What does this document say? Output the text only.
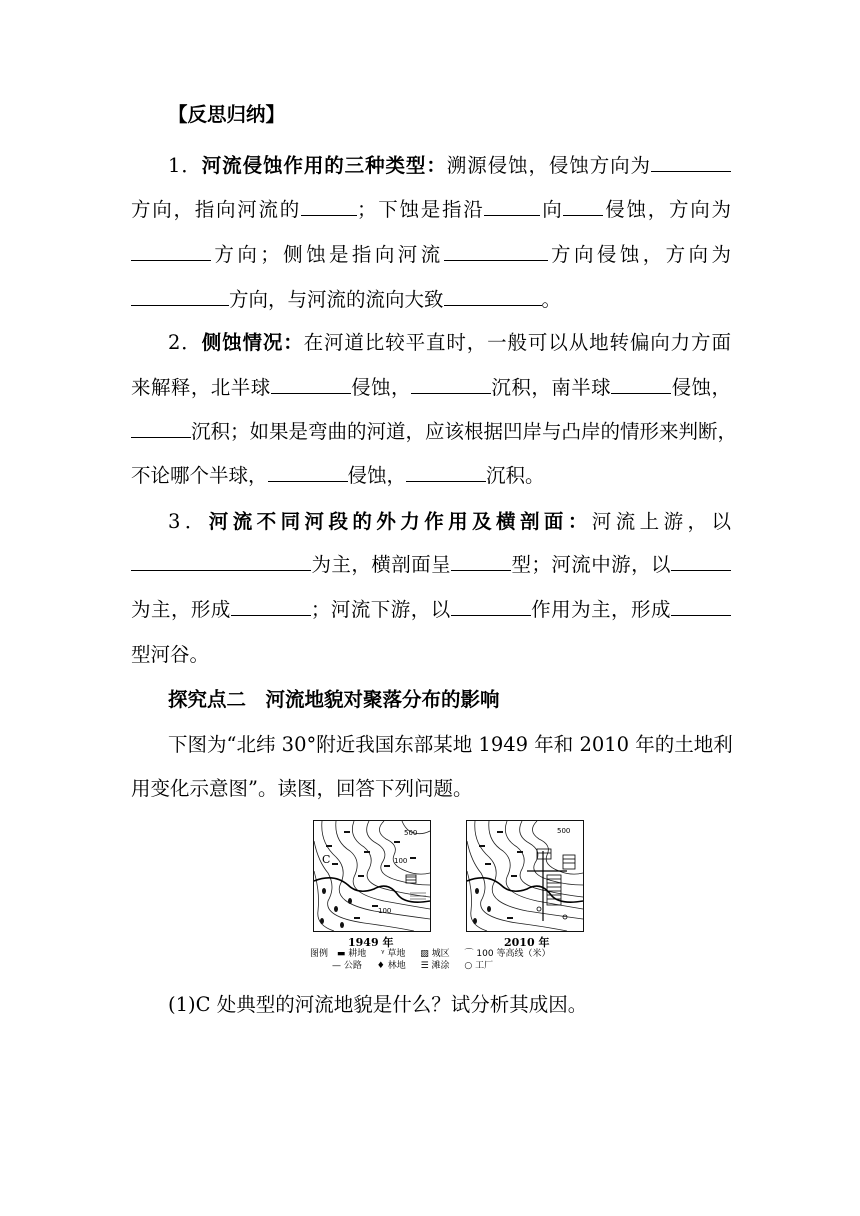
【反思归纳】
1．河流侵蚀作用的三种类型：溯源侵蚀，侵蚀方向为
方向，指向河流的	；下蚀是指沿	向 侵蚀，方向为
方向；侧蚀是指向河流	方向侵蚀，方向为
方向，与河流的流向大致	。
2．侧蚀情况：在河道比较平直时，一般可以从地转偏向力方面
来解释，北半球	侵蚀，	沉积，南半球	侵蚀，
沉积；如果是弯曲的河道，应该根据凹岸与凸岸的情形来判断，
不论哪个半球，	侵蚀，	沉积。
3．河流不同河段的外力作用及横剖面：河流上游，以
为主，横剖面呈	型；河流中游，以
为主，形成	；河流下游，以	作用为主，形成
型河谷。
探究点二　河流地貌对聚落分布的影响
下图为“北纬 30°附近我国东部某地 1949 年和 2010 年的土地利
用变化示意图”。读图，回答下列问题。
C
500
100
100
1949 年
500
2010 年
图例 ▬ 耕地 ᵞ 草地 ▨ 城区 ⌒ 100 等高线（米）
— 公路 ♦ 林地 ☰ 滩涂 ○ 工厂
(1)C 处典型的河流地貌是什么？试分析其成因。
